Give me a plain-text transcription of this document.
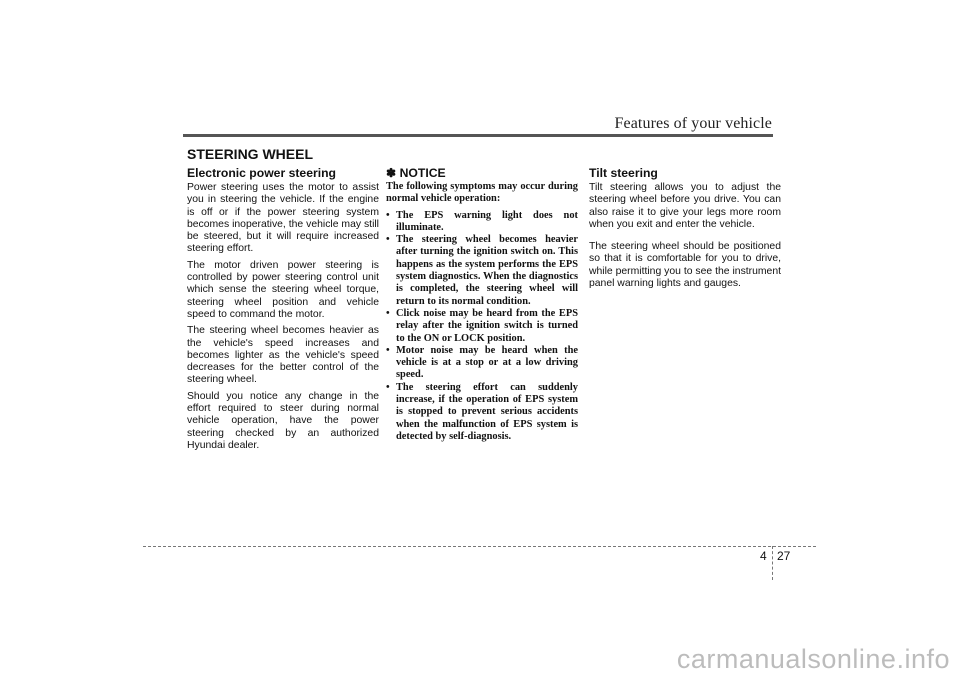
Features of your vehicle
STEERING WHEEL
Electronic power steering

Power steering uses the motor to assist you in steering the vehicle. If the engine is off or if the power steering system becomes inoperative, the vehicle may still be steered, but it will require increased steering effort.

The motor driven power steering is controlled by power steering control unit which sense the steering wheel torque, steering wheel position and vehicle speed to command the motor.

The steering wheel becomes heavier as the vehicle's speed increases and becomes lighter as the vehicle's speed decreases for the better control of the steering wheel.

Should you notice any change in the effort required to steer during normal vehicle operation, have the power steering checked by an authorized Hyundai dealer.

✽ NOTICE

The following symptoms may occur during normal vehicle operation:

• The EPS warning light does not illuminate.
• The steering wheel becomes heavier after turning the ignition switch on. This happens as the system performs the EPS system diagnostics. When the diagnostics is completed, the steering wheel will return to its normal condition.
• Click noise may be heard from the EPS relay after the ignition switch is turned to the ON or LOCK position.
• Motor noise may be heard when the vehicle is at a stop or at a low driving speed.
• The steering effort can suddenly increase, if the operation of EPS system is stopped to prevent serious accidents when the malfunction of EPS system is detected by self-diagnosis.
Tilt steering

Tilt steering allows you to adjust the steering wheel before you drive. You can also raise it to give your legs more room when you exit and enter the vehicle.

The steering wheel should be positioned so that it is comfortable for you to drive, while permitting you to see the instrument panel warning lights and gauges.

4 27
carmanualsonline.info
